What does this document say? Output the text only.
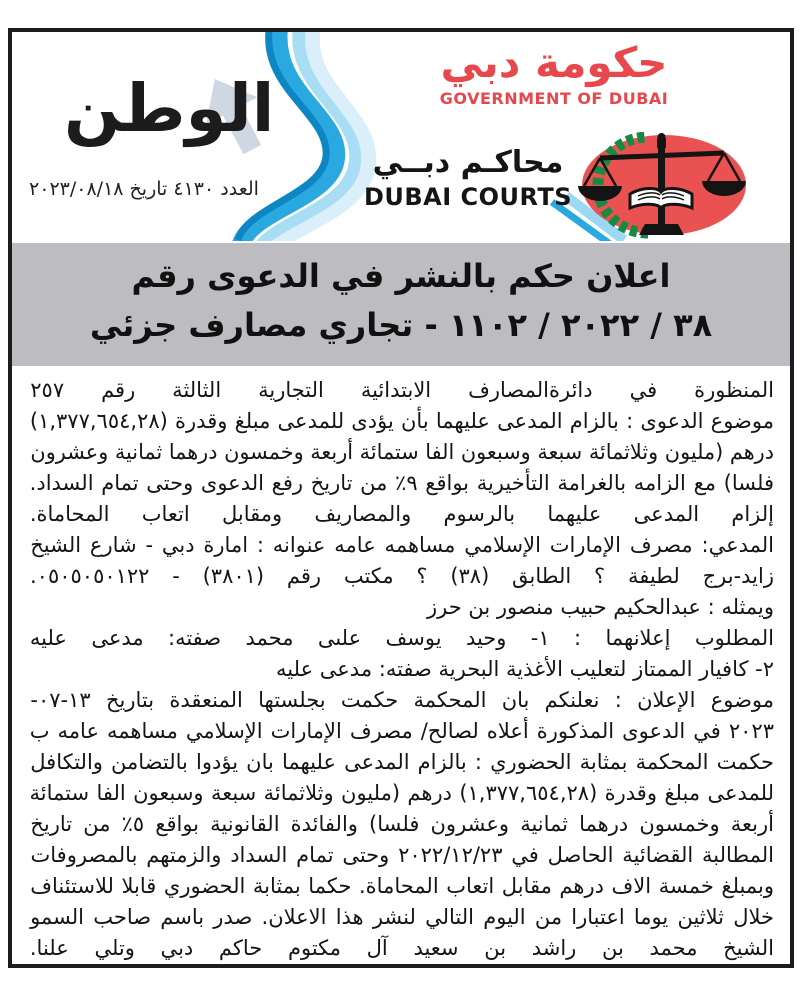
الوطن
العدد ٤١٣٠ تاريخ ٢٠٢٣/٠٨/١٨
حكومة دبي
GOVERNMENT OF DUBAI
محاكـم دبــي
DUBAI COURTS
اعلان حكم بالنشر في الدعوى رقم
٣٨ / ٢٠٢٢ / ١١٠٢ - تجاري مصارف جزئي
المنظورة في دائرةالمصارف الابتدائية التجارية الثالثة رقم ٢٥٧
موضوع الدعوى : بالزام المدعى عليهما بأن يؤدى للمدعى مبلغ وقدرة (١,٣٧٧,٦٥٤,٢٨)
درهم (مليون وثلاثمائة سبعة وسبعون الفا ستمائة أربعة وخمسون درهما ثمانية وعشرون
فلسا) مع الزامه بالغرامة التأخيرية بواقع ٩٪ من تاريخ رفع الدعوى وحتى تمام السداد.
إلزام المدعى عليهما بالرسوم والمصاريف ومقابل اتعاب المحاماة.
المدعي: مصرف الإمارات الإسلامي مساهمه عامه عنوانه : امارة دبي - شارع الشيخ
زايد-برج لطيفة ؟ الطابق (٣٨) ؟ مكتب رقم (٣٨٠١) - ٠٥٠٥٠٥٠١٢٢.
ويمثله : عبدالحكيم حبيب منصور بن حرز
المطلوب إعلانهما : ١- وحيد يوسف علىى محمد صفته: مدعى عليه
٢- كافيار الممتاز لتعليب الأغذية البحرية صفته: مدعى عليه
موضوع الإعلان : نعلنكم بان المحكمة حكمت بجلستها المنعقدة بتاريخ ١٣-٠٧-
٢٠٢٣ في الدعوى المذكورة أعلاه لصالح/ مصرف الإمارات الإسلامي مساهمه عامه ب
حكمت المحكمة بمثابة الحضوري : بالزام المدعى عليهما بان يؤدوا بالتضامن والتكافل
للمدعى مبلغ وقدرة (١,٣٧٧,٦٥٤,٢٨) درهم (مليون وثلاثمائة سبعة وسبعون الفا ستمائة
أربعة وخمسون درهما ثمانية وعشرون فلسا) والفائدة القانونية بواقع ٥٪ من تاريخ
المطالبة القضائية الحاصل في ٢٠٢٢/١٢/٢٣ وحتى تمام السداد والزمتهم بالمصروفات
وبمبلغ خمسة الاف درهم مقابل اتعاب المحاماة. حكما بمثابة الحضوري قابلا للاستئناف
خلال ثلاثين يوما اعتبارا من اليوم التالي لنشر هذا الاعلان. صدر باسم صاحب السمو
الشيخ محمد بن راشد بن سعيد آل مكتوم حاكم دبي وتلي علنا.
